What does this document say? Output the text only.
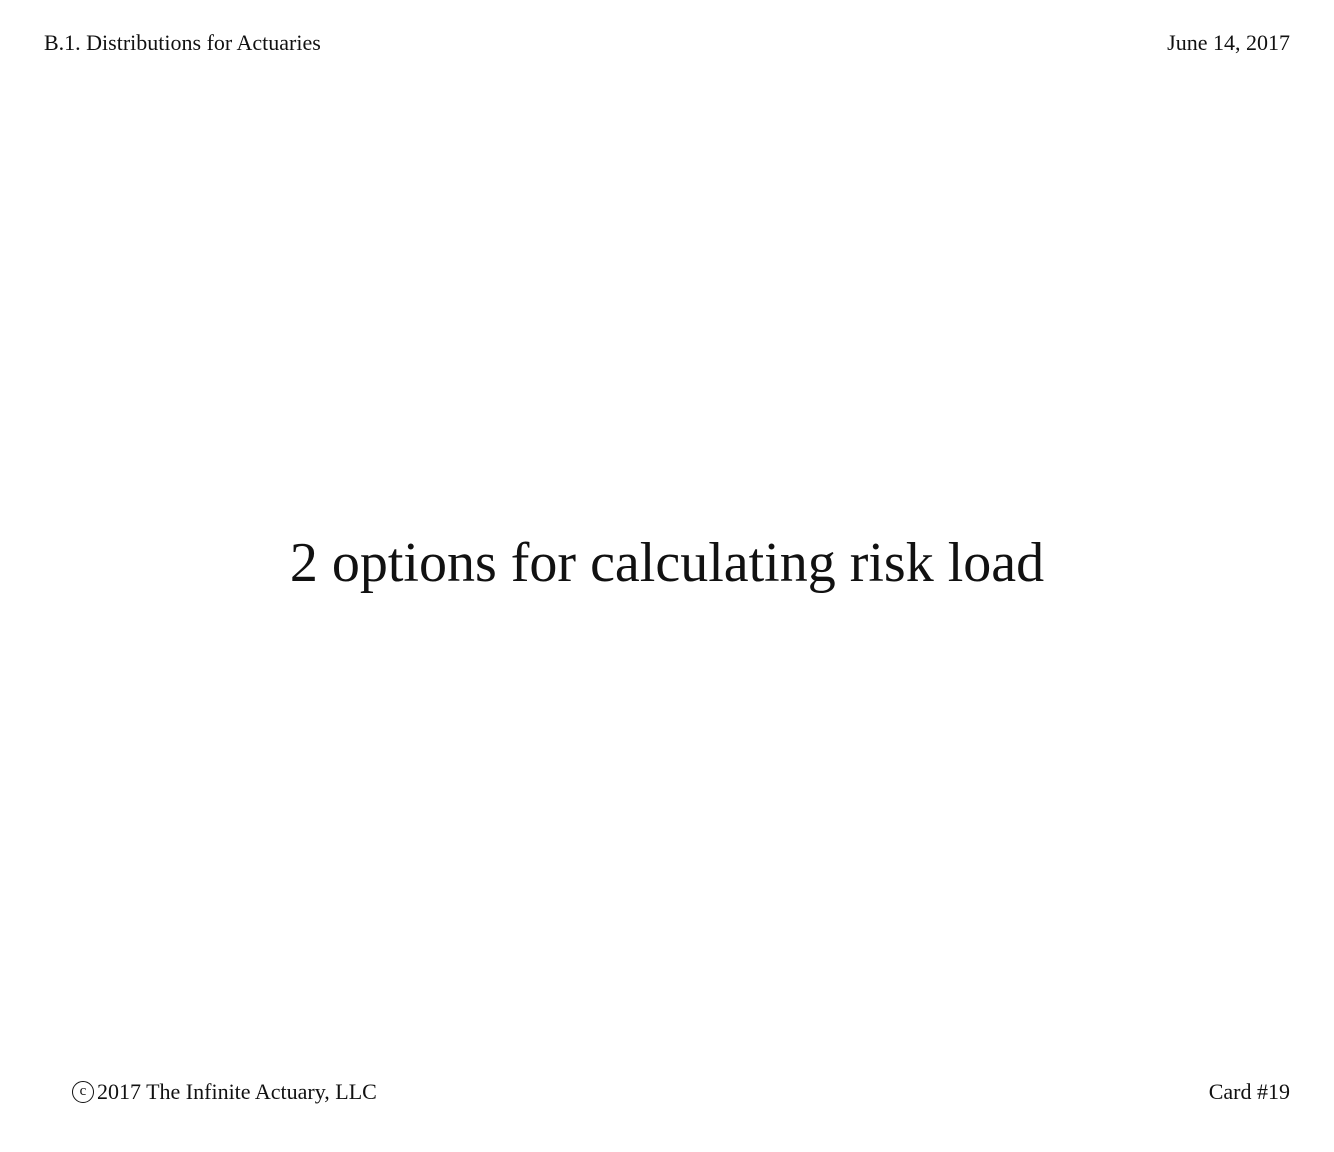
B.1. Distributions for Actuaries	June 14, 2017
2 options for calculating risk load
c 2017 The Infinite Actuary, LLC	Card #19
